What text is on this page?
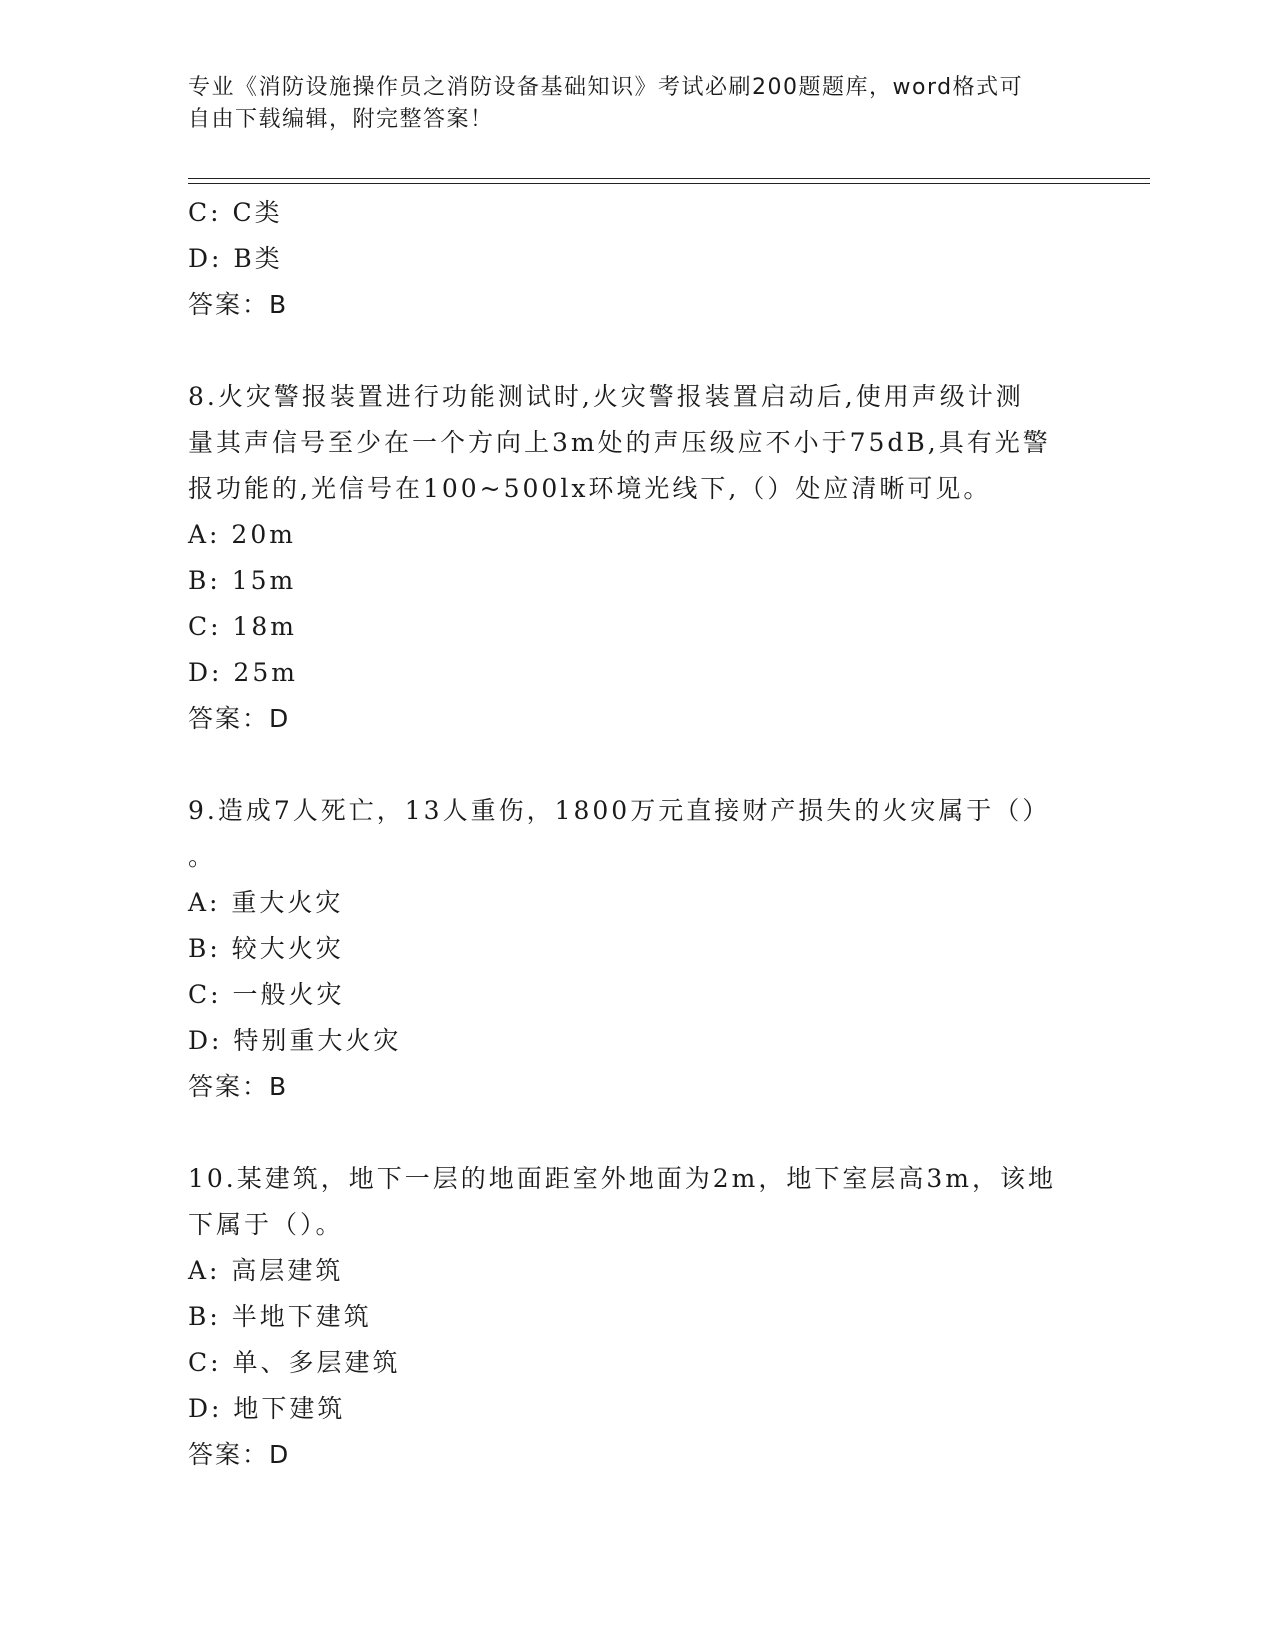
专业《消防设施操作员之消防设备基础知识》考试必刷200题题库，word格式可
自由下载编辑，附完整答案！
C: C类
D: B类
答案：B
8.火灾警报装置进行功能测试时,火灾警报装置启动后,使用声级计测
量其声信号至少在一个方向上3m处的声压级应不小于75dB,具有光警
报功能的,光信号在100~500lx环境光线下,（）处应清晰可见。
A: 20m
B: 15m
C: 18m
D: 25m
答案：D
9.造成7人死亡，13人重伤，1800万元直接财产损失的火灾属于（）
。
A: 重大火灾
B: 较大火灾
C: 一般火灾
D: 特别重大火灾
答案：B
10.某建筑，地下一层的地面距室外地面为2m，地下室层高3m，该地
下属于（）。
A: 高层建筑
B: 半地下建筑
C: 单、多层建筑
D: 地下建筑
答案：D
